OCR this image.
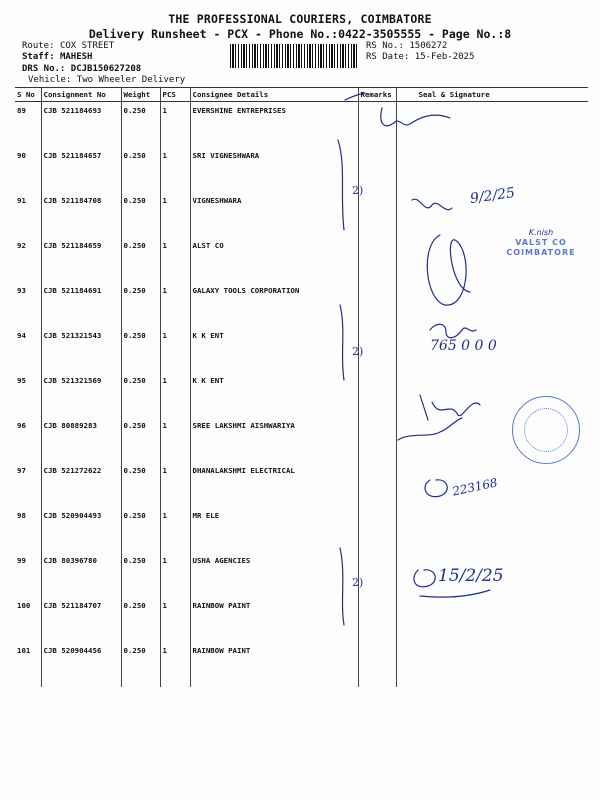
THE PROFESSIONAL COURIERS, COIMBATORE
Delivery Runsheet - PCX - Phone No.:0422-3505555 - Page No.:8
Route: COX STREET
Staff: MAHESH
DRS No.: DCJB150627208
Vehicle: Two Wheeler Delivery
RS No.: 1506272
RS Date: 15-Feb-2025
S No	Consignment No	Weight	PCS	Consignee Details	Remarks	Seal & Signature
89	CJB 521184693	0.250	1	EVERSHINE ENTREPRISES		
90	CJB 521184657	0.250	1	SRI VIGNESHWARA		
91	CJB 521184708	0.250	1	VIGNESHWARA		
92	CJB 521184659	0.250	1	ALST CO		
93	CJB 521184691	0.250	1	GALAXY TOOLS CORPORATION		
94	CJB 521321543	0.250	1	K K ENT		
95	CJB 521321569	0.250	1	K K ENT		
96	CJB 80889283	0.250	1	SREE LAKSHMI AISHWARIYA		
97	CJB 521272622	0.250	1	DHANALAKSHMI ELECTRICAL		
98	CJB 520904493	0.250	1	MR ELE		
99	CJB 80396780	0.250	1	USHA AGENCIES		
100	CJB 521184707	0.250	1	RAINBOW PAINT		
101	CJB 520904456	0.250	1	RAINBOW PAINT		
2)
2)
2)
9/2/25
765 0 0 0
223168
15/2/25
K.nish
VALST CO
COIMBATORE
